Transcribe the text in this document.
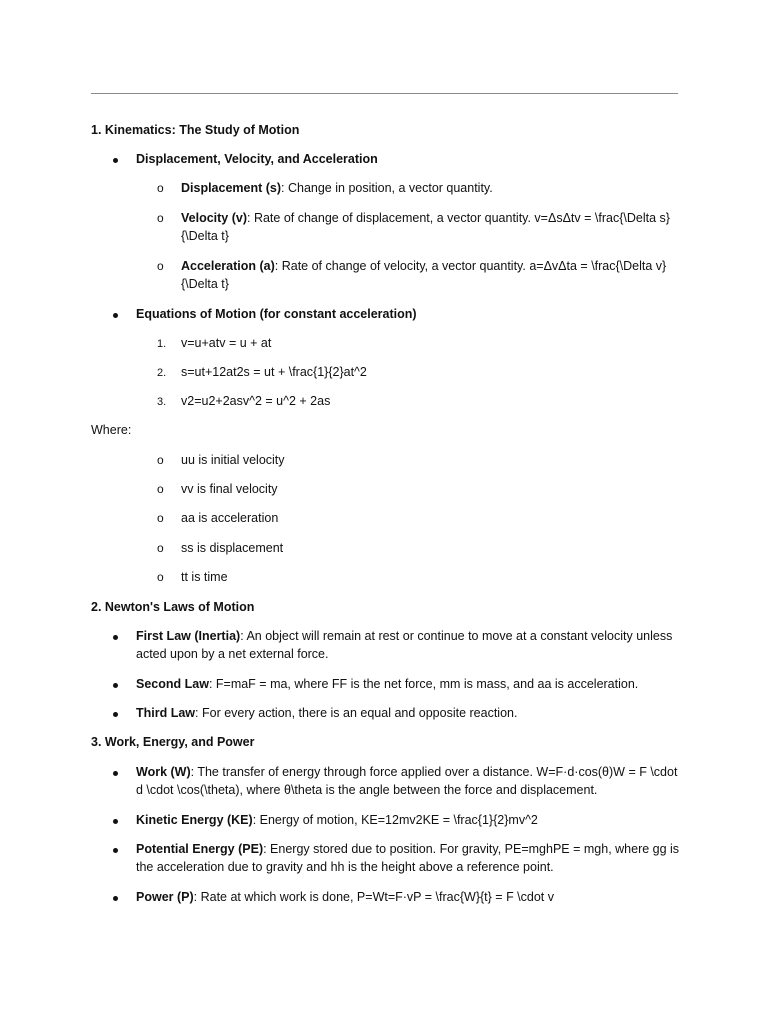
1. Kinematics: The Study of Motion
Displacement, Velocity, and Acceleration
o Displacement (s): Change in position, a vector quantity.
o Velocity (v): Rate of change of displacement, a vector quantity. v=ΔsΔtv = \frac{\Delta s}{\Delta t}
o Acceleration (a): Rate of change of velocity, a vector quantity. a=ΔvΔta = \frac{\Delta v}{\Delta t}
Equations of Motion (for constant acceleration)
1. v=u+atv = u + at
2. s=ut+12at2s = ut + \frac{1}{2}at^2
3. v2=u2+2asv^2 = u^2 + 2as
Where:
o uu is initial velocity
o vv is final velocity
o aa is acceleration
o ss is displacement
o tt is time
2. Newton's Laws of Motion
First Law (Inertia): An object will remain at rest or continue to move at a constant velocity unless acted upon by a net external force.
Second Law: F=maF = ma, where FF is the net force, mm is mass, and aa is acceleration.
Third Law: For every action, there is an equal and opposite reaction.
3. Work, Energy, and Power
Work (W): The transfer of energy through force applied over a distance. W=F·d·cos(θ)W = F \cdot d \cdot \cos(\theta), where θ\theta is the angle between the force and displacement.
Kinetic Energy (KE): Energy of motion, KE=12mv2KE = \frac{1}{2}mv^2
Potential Energy (PE): Energy stored due to position. For gravity, PE=mghPE = mgh, where gg is the acceleration due to gravity and hh is the height above a reference point.
Power (P): Rate at which work is done, P=Wt=F·vP = \frac{W}{t} = F \cdot v
